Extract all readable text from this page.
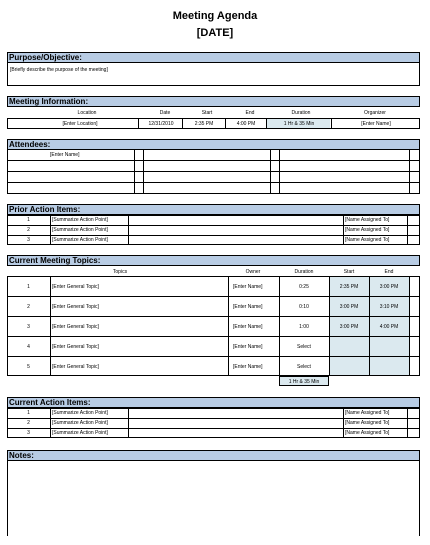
Meeting Agenda
[DATE]
Purpose/Objective:
[Briefly describe the purpose of the meeting]
Meeting Information:
Location	Date	Start	End	Duration	Organizer
[Enter Location]	12/31/2010	2:35 PM	4:00 PM	1 Hr & 35 Min	[Enter Name]
Attendees:
[Enter Name]
Prior Action Items:
1	[Summarize Action Point]	[Name Assigned To]
2	[Summarize Action Point]	[Name Assigned To]
3	[Summarize Action Point]	[Name Assigned To]
Current Meeting Topics:
Topics	Owner	Duration	Start	End
1	[Enter General Topic]	[Enter Name]	0:25	2:35 PM	3:00 PM
2	[Enter General Topic]	[Enter Name]	0:10	3:00 PM	3:10 PM
3	[Enter General Topic]	[Enter Name]	1:00	3:00 PM	4:00 PM
4	[Enter General Topic]	[Enter Name]	Select
5	[Enter General Topic]	[Enter Name]	Select
1 Hr & 35 Min
Current Action Items:
1	[Summarize Action Point]	[Name Assigned To]
2	[Summarize Action Point]	[Name Assigned To]
3	[Summarize Action Point]	[Name Assigned To]
Notes:
